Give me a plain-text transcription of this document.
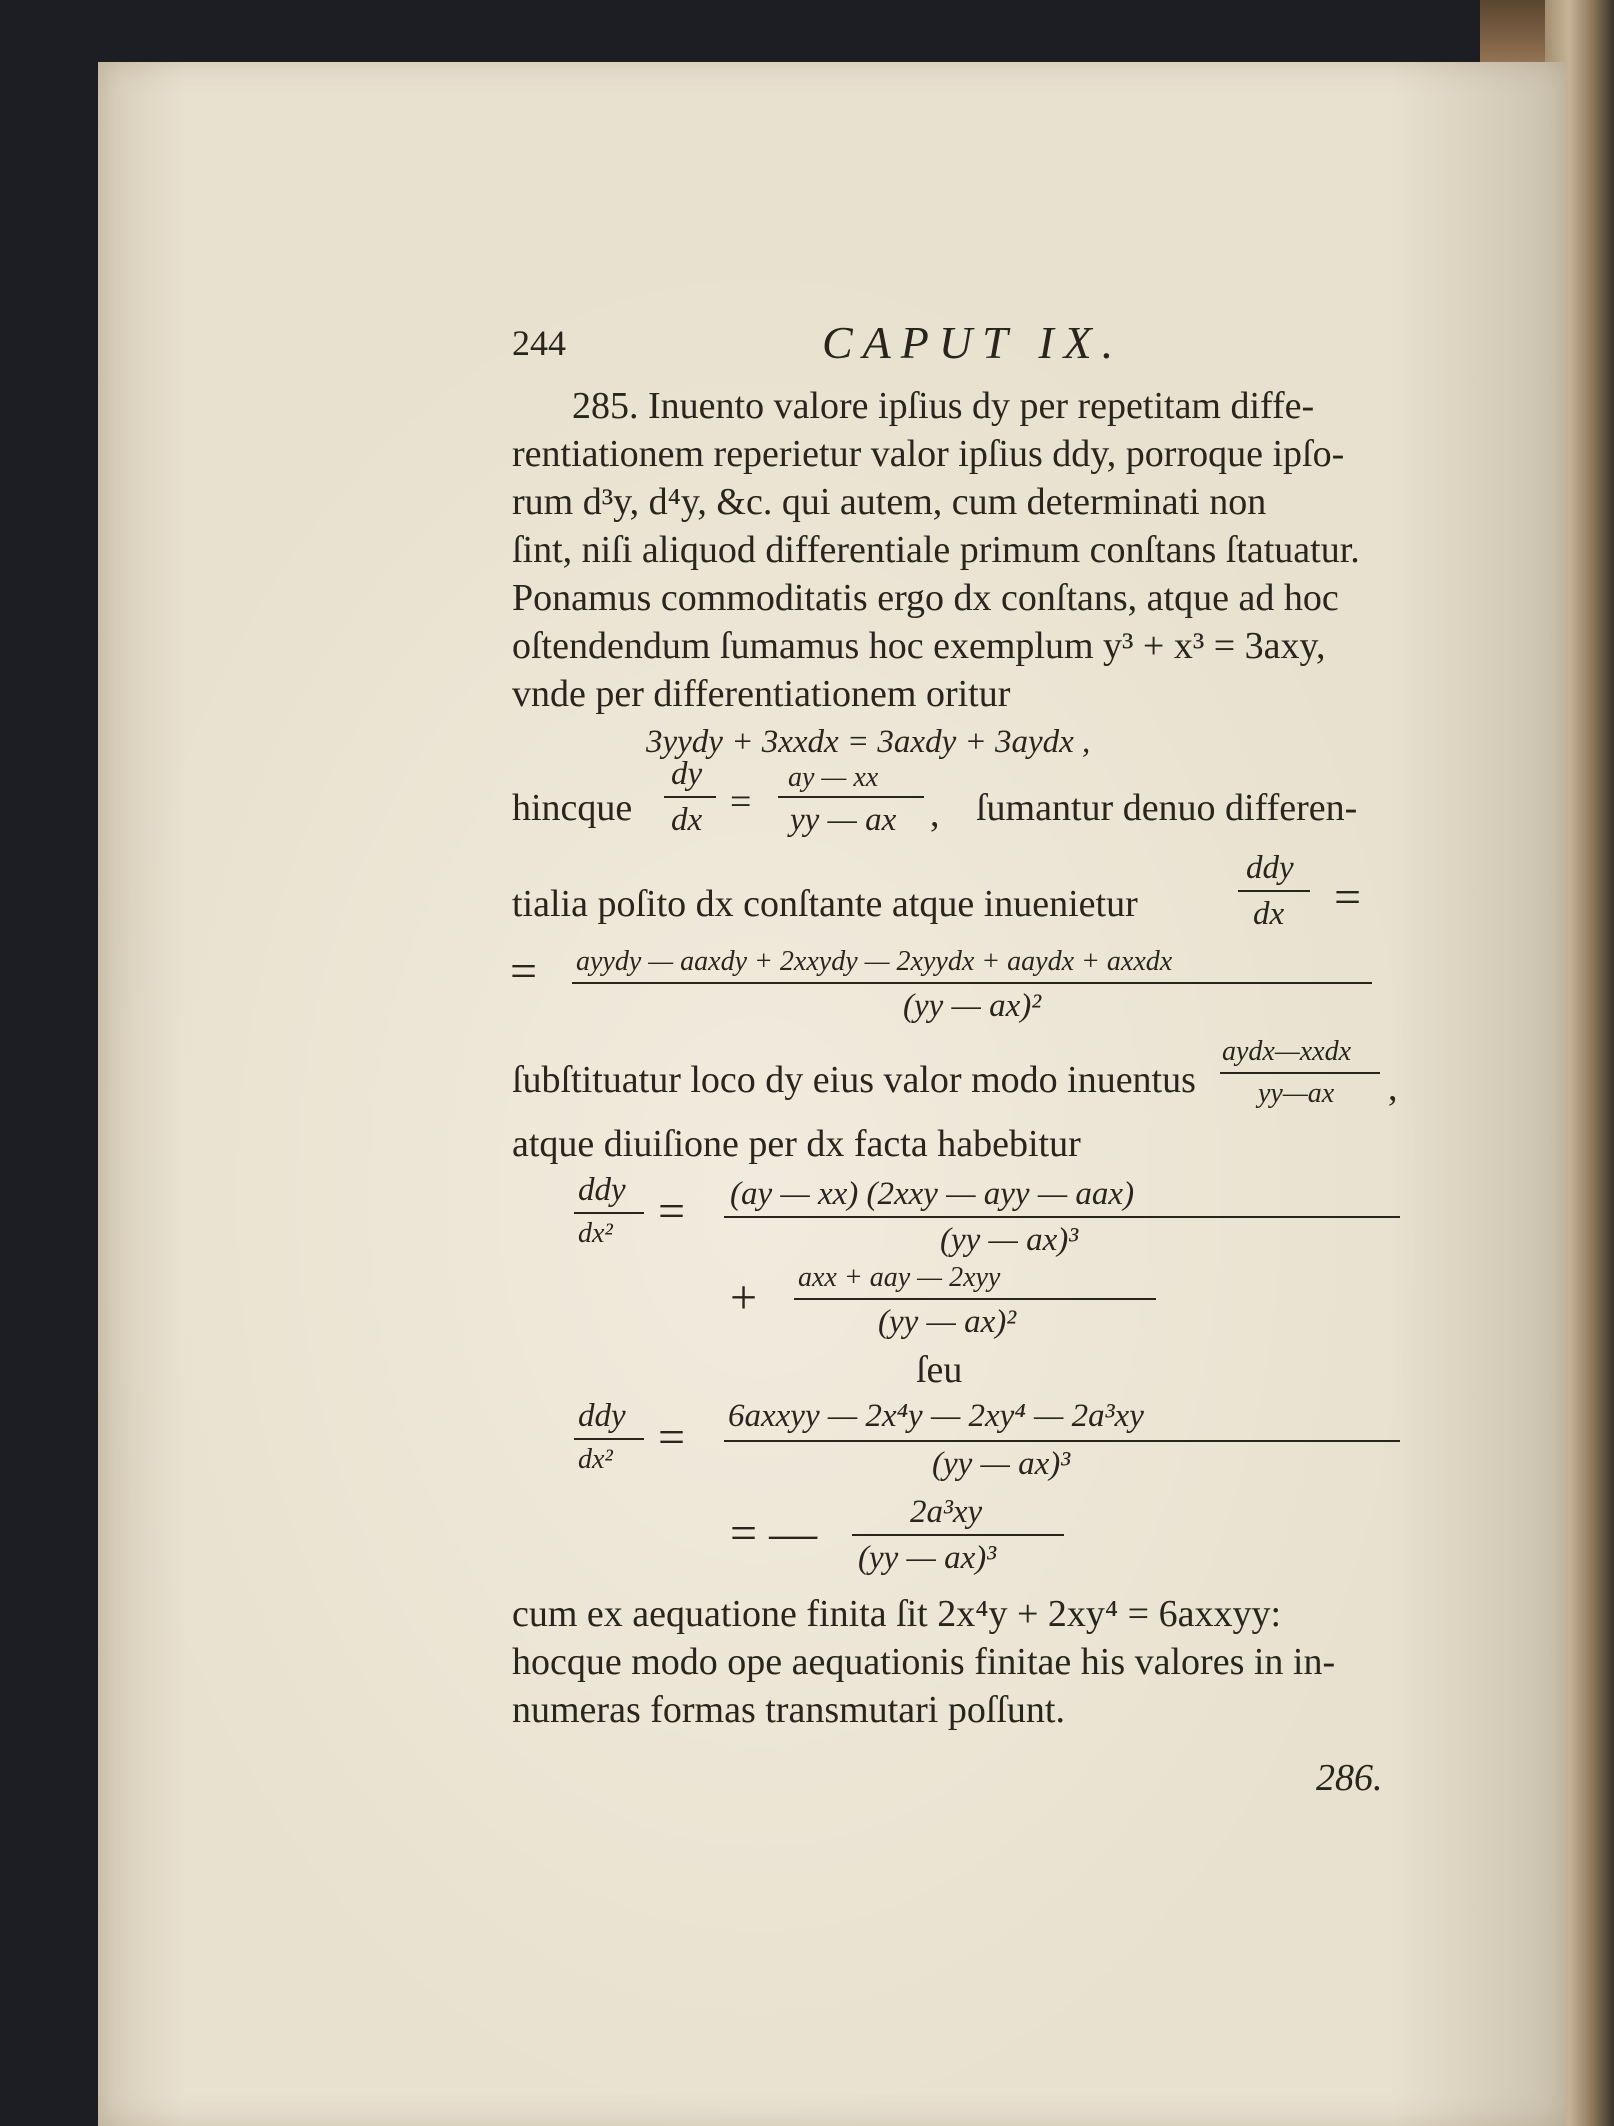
244	CAPUT IX.
285. Inuento valore ipſius dy per repetitam diffe-
rentiationem reperietur valor ipſius ddy, porroque ipſo-
rum d³y, d⁴y, &c. qui autem, cum determinati non
ſint, niſi aliquod differentiale primum conſtans ſtatuatur.
Ponamus commoditatis ergo dx conſtans, atque ad hoc
oſtendendum ſumamus hoc exemplum y³ + x³ = 3axy,
vnde per differentiationem oritur
3yydy + 3xxdx = 3axdy + 3aydx ,
hincque
dy
dx =
ay — xx
yy — ax , ſumantur denuo differen-
tialia poſito dx conſtante atque inuenietur
ddy
dx =
= ayydy — aaxdy + 2xxydy — 2xyydx + aaydx + axxdx
(yy — ax)²
ſubſtituatur loco dy eius valor modo inuentus
aydx—xxdx
yy—ax ,
atque diuiſione per dx facta habebitur
ddy
dx² = (ay — xx) (2xxy — ayy — aax)
(yy — ax)³
+ axx + aay — 2xyy
(yy — ax)²
ſeu
ddy
dx² = 6axxyy — 2x⁴y — 2xy⁴ — 2a³xy
(yy — ax)³
= —	2a³xy
(yy — ax)³
cum ex aequatione finita ſit 2x⁴y + 2xy⁴ = 6axxyy:
hocque modo ope aequationis finitae his valores in in-
numeras formas transmutari poſſunt.
286.
